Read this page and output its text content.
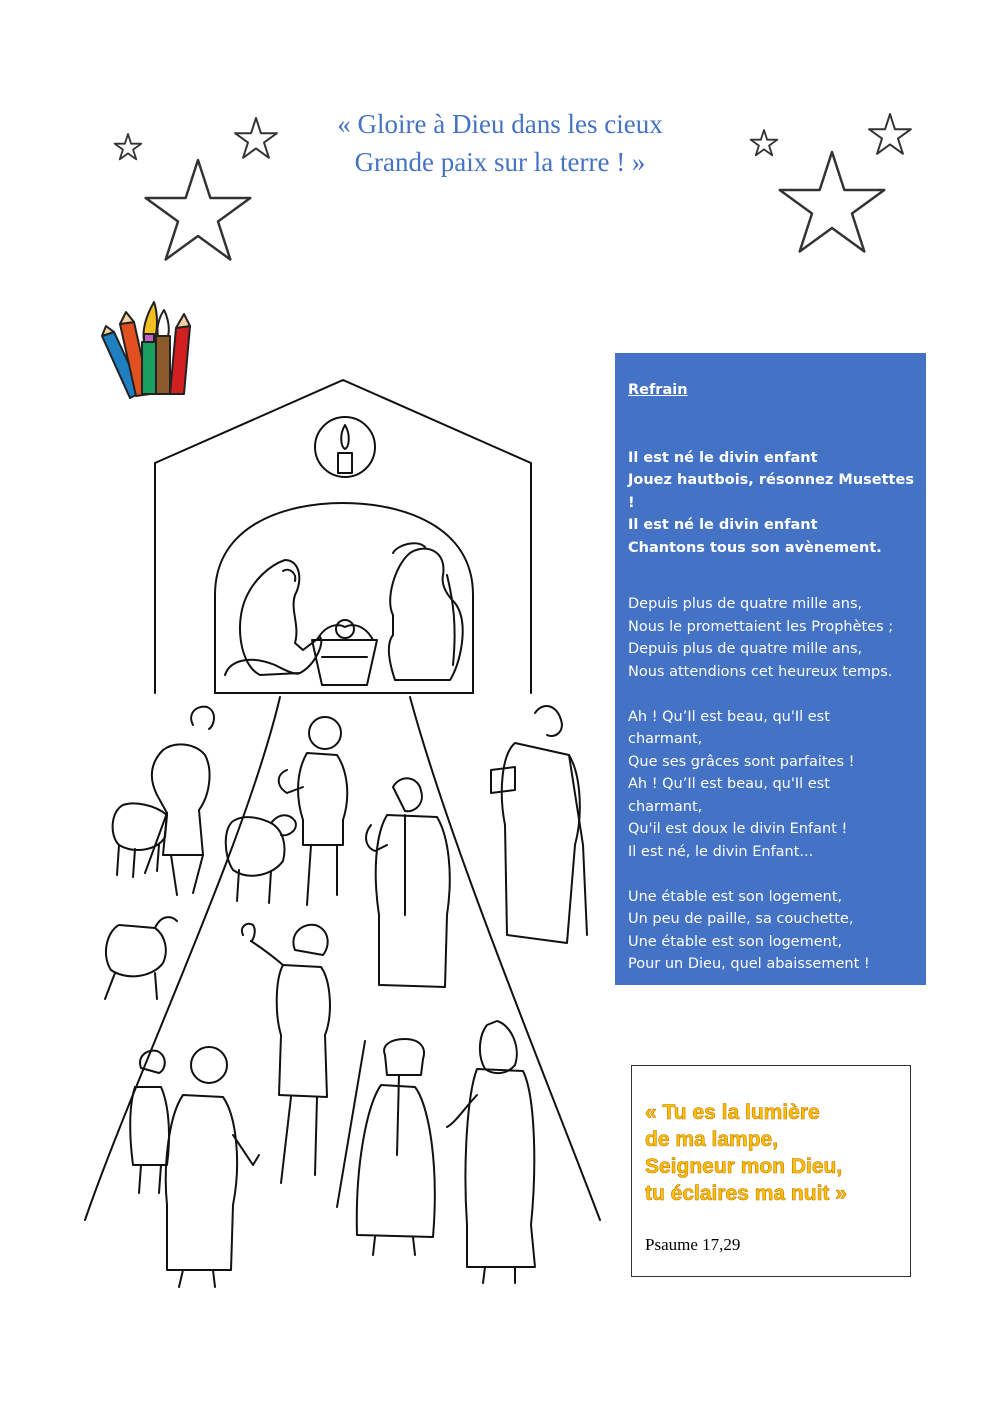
« Gloire à Dieu dans les cieux
Grande paix sur la terre ! »
Refrain
Il est né le divin enfant
Jouez hautbois, résonnez Musettes !
Il est né le divin enfant
Chantons tous son avènement.
Depuis plus de quatre mille ans,
Nous le promettaient les Prophètes ;
Depuis plus de quatre mille ans,
Nous attendions cet heureux temps.
Ah ! Qu’Il est beau, qu'Il est
charmant,
Que ses grâces sont parfaites !
Ah ! Qu’Il est beau, qu'Il est
charmant,
Qu'il est doux le divin Enfant !
Il est né, le divin Enfant...
Une étable est son logement,
Un peu de paille, sa couchette,
Une étable est son logement,
Pour un Dieu, quel abaissement !
« Tu es la lumière
de ma lampe,
Seigneur mon Dieu,
tu éclaires ma nuit »
Psaume 17,29
